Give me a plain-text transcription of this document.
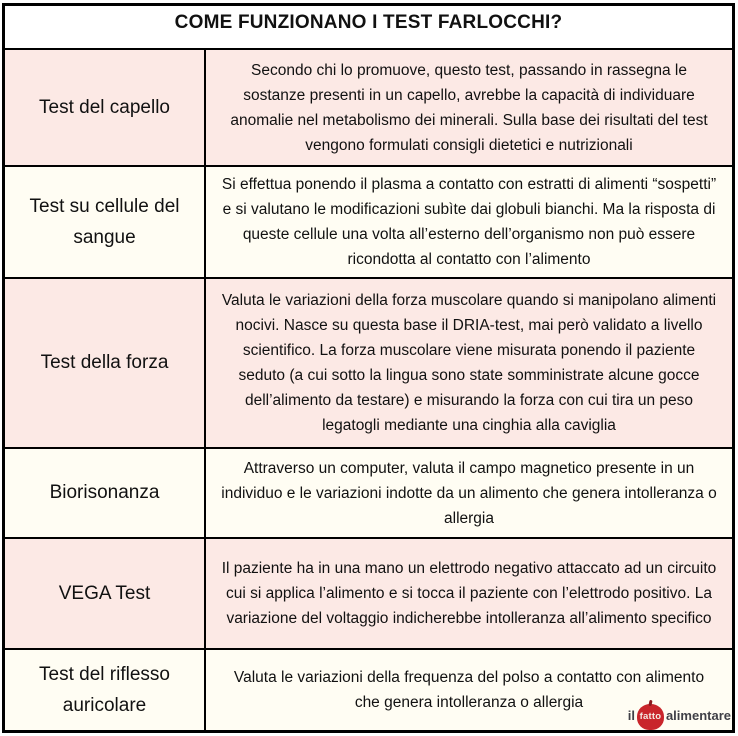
COME FUNZIONANO I TEST FARLOCCHI?
Test del capello
Secondo chi lo promuove, questo test, passando in rassegna le sostanze presenti in un capello, avrebbe la capacità di individuare anomalie nel metabolismo dei minerali. Sulla base dei risultati del test vengono formulati consigli dietetici e nutrizionali
Test su cellule del sangue
Si effettua ponendo il plasma a contatto con estratti di alimenti “sospetti” e si valutano le modificazioni subìte dai globuli bianchi. Ma la risposta di queste cellule una volta all’esterno dell’organismo non può essere ricondotta al contatto con l’alimento
Test della forza
Valuta le variazioni della forza muscolare quando si manipolano alimenti nocivi. Nasce su questa base il DRIA-test, mai però validato a livello scientifico. La forza muscolare viene misurata ponendo il paziente seduto (a cui sotto la lingua sono state somministrate alcune gocce dell’alimento da testare) e misurando la forza con cui tira un peso legatogli mediante una cinghia alla caviglia
Biorisonanza
Attraverso un computer, valuta il campo magnetico presente in un individuo e le variazioni indotte da un alimento che genera intolleranza o allergia
VEGA Test
Il paziente ha in una mano un elettrodo negativo attaccato ad un circuito cui si applica l’alimento e si tocca il paziente con l’elettrodo positivo. La variazione del voltaggio indicherebbe intolleranza all’alimento specifico
Test del riflesso auricolare
Valuta le variazioni della frequenza del polso a contatto con alimento che genera intolleranza o allergia
il fatto alimentare
